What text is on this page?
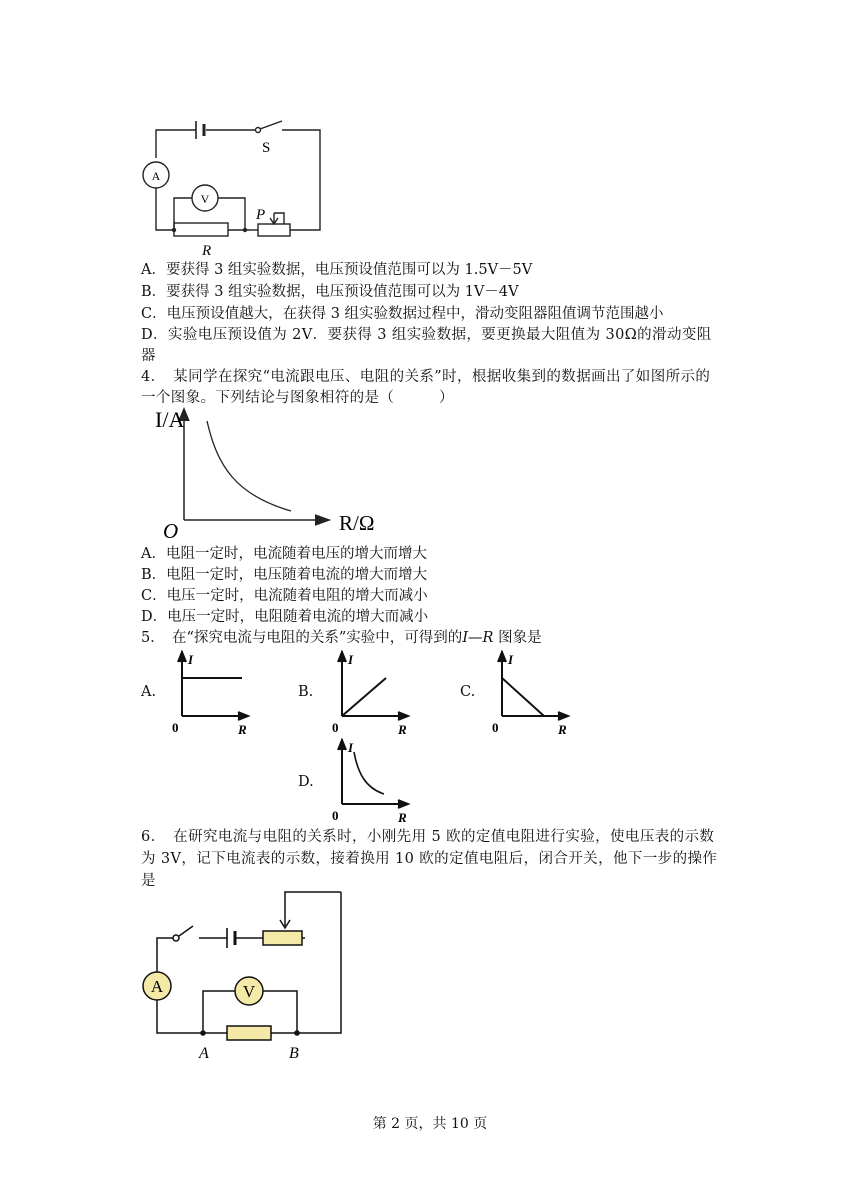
A
V
S
P
R
A．要获得 3 组实验数据，电压预设值范围可以为 1.5V－5V
B．要获得 3 组实验数据，电压预设值范围可以为 1V－4V
C．电压预设值越大，在获得 3 组实验数据过程中，滑动变阻器阻值调节范围越小
D．实验电压预设值为 2V．要获得 3 组实验数据，要更换最大阻值为 30Ω的滑动变阻器
4．　某同学在探究“电流跟电压、电阻的关系”时，根据收集到的数据画出了如图所示的一个图象。下列结论与图象相符的是（　　　）
I/A
R/Ω
O
A．电阻一定时，电流随着电压的增大而增大
B．电阻一定时，电压随着电流的增大而增大
C．电压一定时，电流随着电阻的增大而减小
D．电压一定时，电阻随着电流的增大而减小
5．　在“探究电流与电阻的关系”实验中，可得到的I—R 图象是
A.
I
R
0
B.
I
R
0
C.
I
R
0
D.
I
R
0
6．　在研究电流与电阻的关系时，小刚先用 5 欧的定值电阻进行实验，使电压表的示数为 3V，记下电流表的示数，接着换用 10 欧的定值电阻后，闭合开关，他下一步的操作是
A	V
A	B
第 2 页，共 10 页
